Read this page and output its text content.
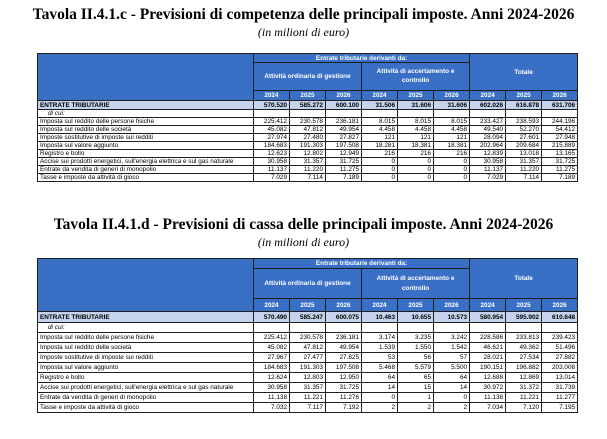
Tavola II.4.1.c - Previsioni di competenza delle principali imposte. Anni 2024-2026
(in milioni di euro)
	Entrate tributarie derivanti da:						Totale		
	Attività ordinaria di gestione			Attività di accertamento e controllo					
	2024	2025	2026	2024	2025	2026	2024	2025	2026
ENTRATE TRIBUTARIE	570.520	585.272	600.100	31.506	31.606	31.606	602.026	616.878	631.706
di cui:									
Imposta sul reddito delle persone fisiche	225.412	230.578	236.181	8.015	8.015	8.015	233.427	238.593	244.196
Imposta sul reddito delle società	45.082	47.812	49.954	4.458	4.458	4.458	49.540	52.270	54.412
Imposte sostitutive di imposte sui redditi	27.974	27.480	27.827	121	121	121	28.094	27.601	27.948
Imposta sul valore aggiunto	184.683	191.303	197.508	18.281	18.381	18.381	202.964	209.684	215.889
Registro e bollo	12.623	12.802	12.949	216	216	216	12.839	13.018	13.165
Accise sui prodotti energetici, sull'energia elettrica e sul gas naturale	30.958	31.357	31.725	0	0	0	30.958	31.357	31.725
Entrate da vendita di generi di monopolio	11.137	11.220	11.275	0	0	0	11.137	11.220	11.275
Tasse e imposte da attività di gioco	7.029	7.114	7.189	0	0	0	7.029	7.114	7.189
Tavola II.4.1.d - Previsioni di cassa delle principali imposte. Anni 2024-2026
(in milioni di euro)
	Entrate tributarie derivanti da:						Totale		
	Attività ordinaria di gestione			Attività di accertamento e controllo					
	2024	2025	2026	2024	2025	2026	2024	2025	2026
ENTRATE TRIBUTARIE	570.490	585.247	600.075	10.463	10.655	10.573	580.954	595.902	610.648
di cui:									
Imposta sul reddito delle persone fisiche	225.412	230.578	236.181	3.174	3.235	3.242	228.586	233.813	239.423
Imposta sul reddito delle società	45.082	47.812	49.954	1.539	1.550	1.542	46.621	49.362	51.496
Imposte sostitutive di imposte sui redditi	27.967	27.477	27.825	53	56	57	28.021	27.534	27.882
Imposta sul valore aggiunto	184.683	191.303	197.508	5.468	5.579	5.500	190.151	196.882	203.008
Registro e bollo	12.624	12.803	12.950	64	65	64	12.688	12.869	13.014
Accise sui prodotti energetici, sull'energia elettrica e sul gas naturale	30.958	31.357	31.725	14	15	14	30.972	31.372	31.739
Entrate da vendita di generi di monopolio	11.138	11.221	11.276	0	1	0	11.138	11.221	11.277
Tasse e imposte da attività di gioco	7.032	7.117	7.192	2	2	2	7.034	7.120	7.195
